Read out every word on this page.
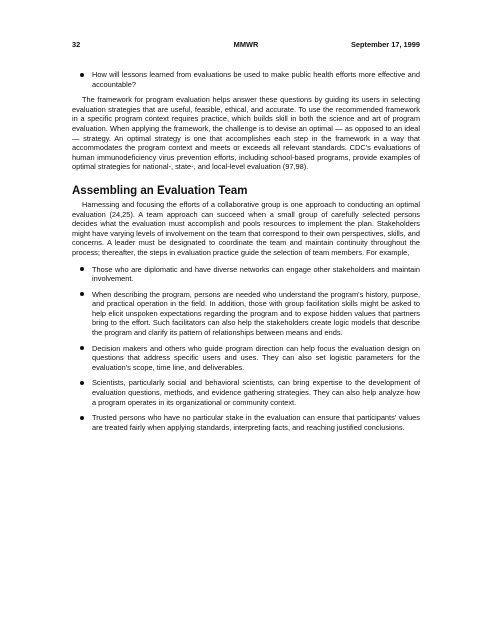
32	MMWR	September 17, 1999
How will lessons learned from evaluations be used to make public health efforts more effective and accountable?

The framework for program evaluation helps answer these questions by guiding its users in selecting evaluation strategies that are useful, feasible, ethical, and accurate. To use the recommended framework in a specific program context requires practice, which builds skill in both the science and art of program evaluation. When applying the framework, the challenge is to devise an optimal — as opposed to an ideal — strategy. An optimal strategy is one that accomplishes each step in the framework in a way that accommodates the program context and meets or exceeds all relevant standards. CDC's evaluations of human immunodeficiency virus prevention efforts, including school-based programs, provide examples of optimal strategies for national-, state-, and local-level evaluation (97,98).

Assembling an Evaluation Team

Harnessing and focusing the efforts of a collaborative group is one approach to conducting an optimal evaluation (24,25). A team approach can succeed when a small group of carefully selected persons decides what the evaluation must accomplish and pools resources to implement the plan. Stakeholders might have varying levels of involvement on the team that correspond to their own perspectives, skills, and concerns. A leader must be designated to coordinate the team and maintain continuity throughout the process; thereafter, the steps in evaluation practice guide the selection of team members. For example,

Those who are diplomatic and have diverse networks can engage other stakeholders and maintain involvement.
When describing the program, persons are needed who understand the program's history, purpose, and practical operation in the field. In addition, those with group facilitation skills might be asked to help elicit unspoken expectations regarding the program and to expose hidden values that partners bring to the effort. Such facilitators can also help the stakeholders create logic models that describe the program and clarify its pattern of relationships between means and ends.
Decision makers and others who guide program direction can help focus the evaluation design on questions that address specific users and uses. They can also set logistic parameters for the evaluation's scope, time line, and deliverables.
Scientists, particularly social and behavioral scientists, can bring expertise to the development of evaluation questions, methods, and evidence gathering strategies. They can also help analyze how a program operates in its organizational or community context.
Trusted persons who have no particular stake in the evaluation can ensure that participants' values are treated fairly when applying standards, interpreting facts, and reaching justified conclusions.
